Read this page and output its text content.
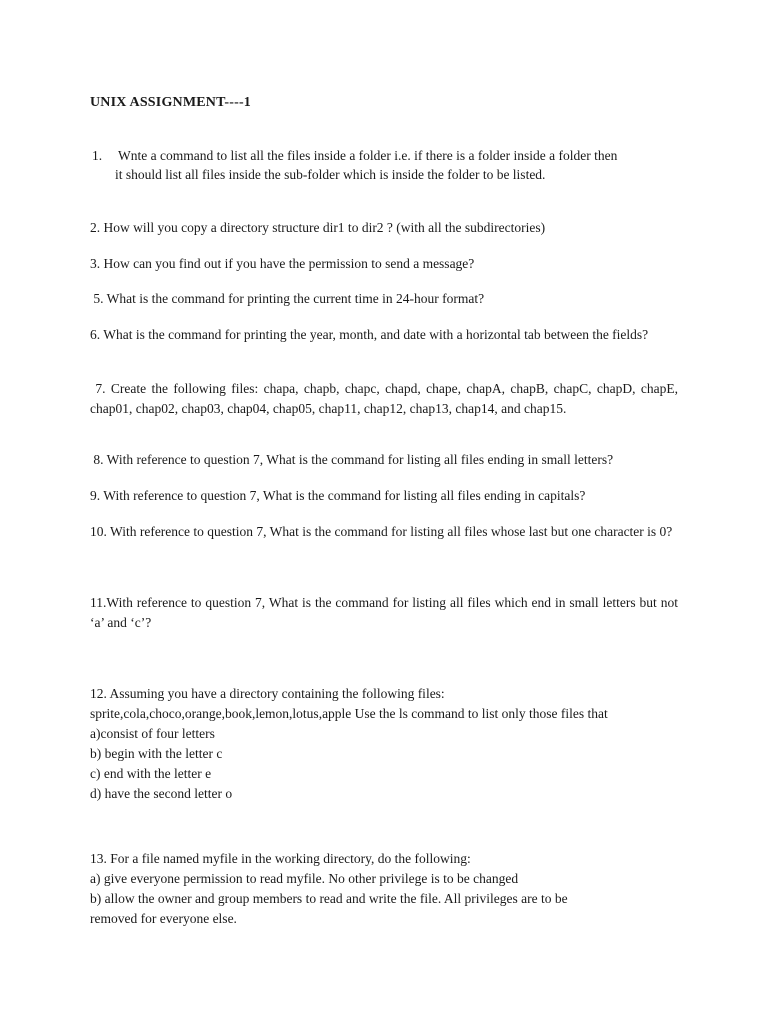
UNIX ASSIGNMENT----1
1. Wnte a command to list all the files inside a folder i.e. if there is a folder inside a folder then
it should list all files inside the sub-folder which is inside the folder to be listed.

2. How will you copy a directory structure dir1 to dir2 ? (with all the subdirectories)

3. How can you find out if you have the permission to send a message?

5. What is the command for printing the current time in 24-hour format?

6. What is the command for printing the year, month, and date with a horizontal tab between the fields?

7. Create the following files: chapa, chapb, chapc, chapd, chape, chapA, chapB, chapC, chapD, chapE, chap01, chap02, chap03, chap04, chap05, chap11, chap12, chap13, chap14, and chap15.

8. With reference to question 7, What is the command for listing all files ending in small letters?

9. With reference to question 7, What is the command for listing all files ending in capitals?

10. With reference to question 7, What is the command for listing all files whose last but one character is 0?

11.With reference to question 7, What is the command for listing all files which end in small letters but not ‘a’ and ‘c’?

12. Assuming you have a directory containing the following files:
sprite,cola,choco,orange,book,lemon,lotus,apple Use the ls command to list only those files that
a)consist of four letters
b) begin with the letter c
c) end with the letter e
d) have the second letter o
13. For a file named myfile in the working directory, do the following:
a) give everyone permission to read myfile. No other privilege is to be changed

b) allow the owner and group members to read and write the file. All privileges are to be removed for everyone else.
